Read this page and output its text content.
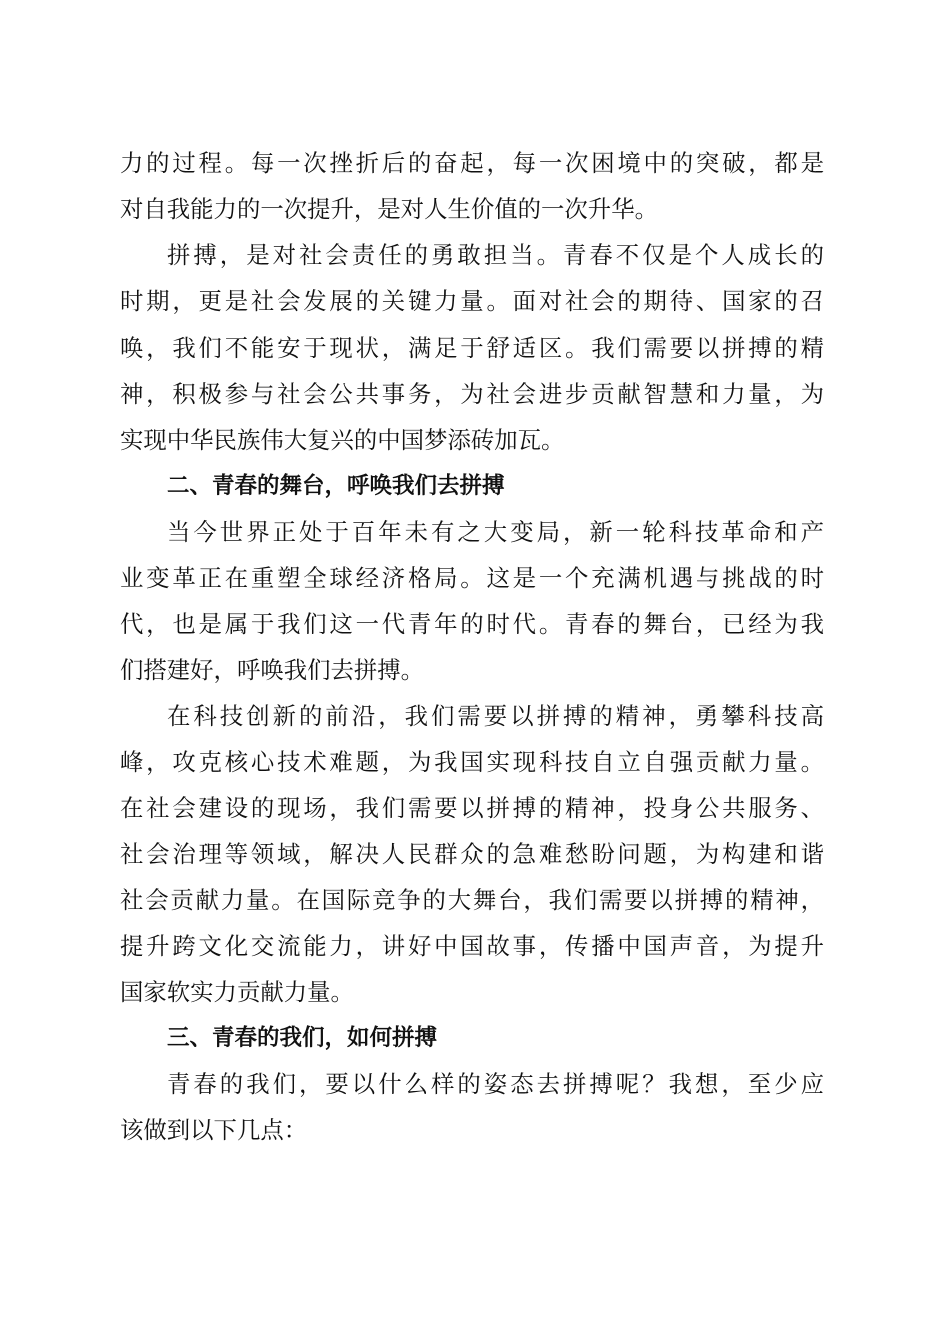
力的过程。每一次挫折后的奋起，每一次困境中的突破，都是
对自我能力的一次提升，是对人生价值的一次升华。
拼搏，是对社会责任的勇敢担当。青春不仅是个人成长的
时期，更是社会发展的关键力量。面对社会的期待、国家的召
唤，我们不能安于现状，满足于舒适区。我们需要以拼搏的精
神，积极参与社会公共事务，为社会进步贡献智慧和力量，为
实现中华民族伟大复兴的中国梦添砖加瓦。
二、青春的舞台，呼唤我们去拼搏
当今世界正处于百年未有之大变局，新一轮科技革命和产
业变革正在重塑全球经济格局。这是一个充满机遇与挑战的时
代，也是属于我们这一代青年的时代。青春的舞台，已经为我
们搭建好，呼唤我们去拼搏。
在科技创新的前沿，我们需要以拼搏的精神，勇攀科技高
峰，攻克核心技术难题，为我国实现科技自立自强贡献力量。
在社会建设的现场，我们需要以拼搏的精神，投身公共服务、
社会治理等领域，解决人民群众的急难愁盼问题，为构建和谐
社会贡献力量。在国际竞争的大舞台，我们需要以拼搏的精神，
提升跨文化交流能力，讲好中国故事，传播中国声音，为提升
国家软实力贡献力量。
三、青春的我们，如何拼搏
青春的我们，要以什么样的姿态去拼搏呢？我想，至少应
该做到以下几点：
